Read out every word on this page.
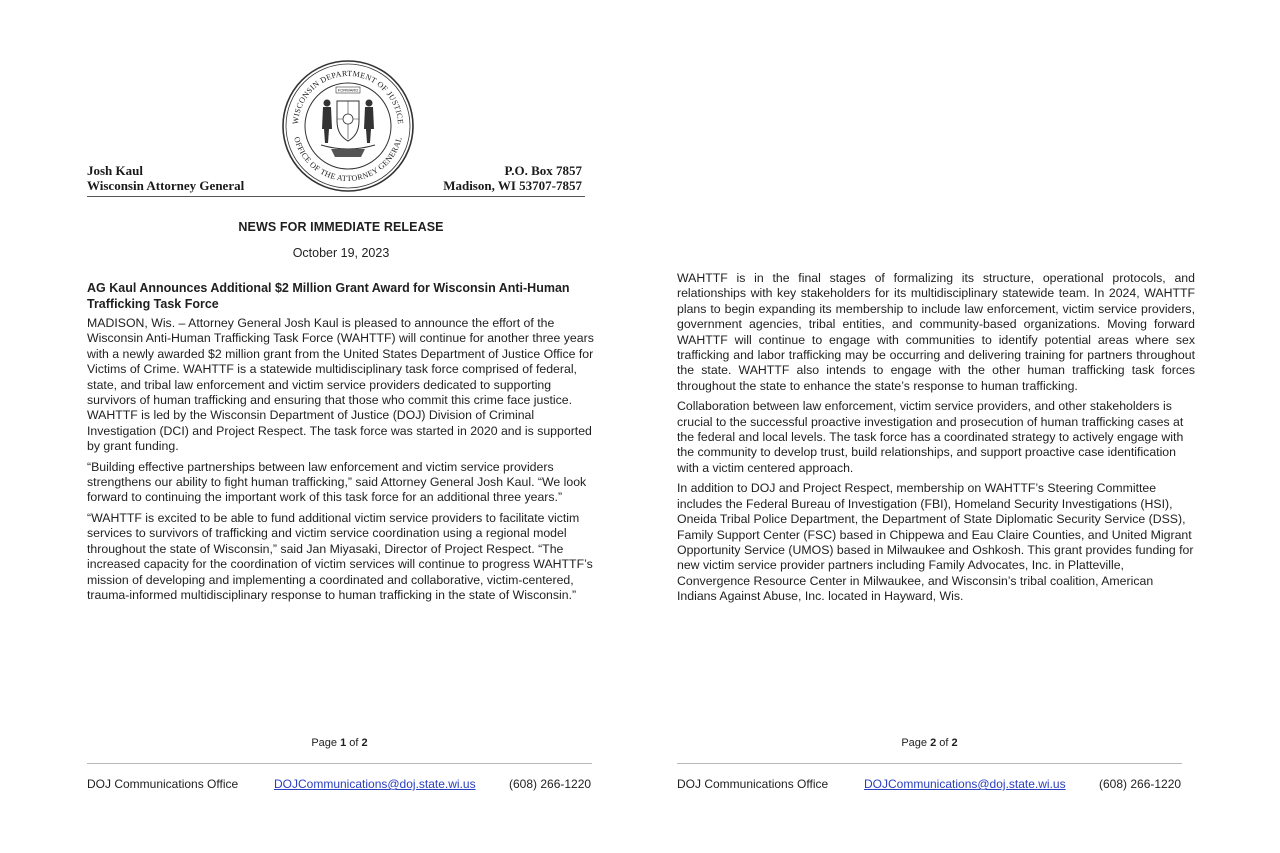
WISCONSIN DEPARTMENT OF JUSTICE
OFFICE OF THE ATTORNEY GENERAL
FORWARD
Josh Kaul
Wisconsin Attorney General
P.O. Box 7857
Madison, WI 53707-7857
NEWS FOR IMMEDIATE RELEASE
October 19, 2023
AG Kaul Announces Additional $2 Million Grant Award for Wisconsin Anti-Human Trafficking Task Force

MADISON, Wis. – Attorney General Josh Kaul is pleased to announce the effort of the Wisconsin Anti-Human Trafficking Task Force (WAHTTF) will continue for another three years with a newly awarded $2 million grant from the United States Department of Justice Office for Victims of Crime. WAHTTF is a statewide multidisciplinary task force comprised of federal, state, and tribal law enforcement and victim service providers dedicated to supporting survivors of human trafficking and ensuring that those who commit this crime face justice. WAHTTF is led by the Wisconsin Department of Justice (DOJ) Division of Criminal Investigation (DCI) and Project Respect. The task force was started in 2020 and is supported by grant funding.

“Building effective partnerships between law enforcement and victim service providers strengthens our ability to fight human trafficking,” said Attorney General Josh Kaul. “We look forward to continuing the important work of this task force for an additional three years.”

“WAHTTF is excited to be able to fund additional victim service providers to facilitate victim services to survivors of trafficking and victim service coordination using a regional model throughout the state of Wisconsin,” said Jan Miyasaki, Director of Project Respect. “The increased capacity for the coordination of victim services will continue to progress WAHTTF’s mission of developing and implementing a coordinated and collaborative, victim-centered, trauma-informed multidisciplinary response to human trafficking in the state of Wisconsin.”

Page 1 of 2
DOJ Communications Office	DOJCommunications@doj.state.wi.us	(608) 266-1220

WAHTTF is in the final stages of formalizing its structure, operational protocols, and relationships with key stakeholders for its multidisciplinary statewide team. In 2024, WAHTTF plans to begin expanding its membership to include law enforcement, victim service providers, government agencies, tribal entities, and community-based organizations. Moving forward WAHTTF will continue to engage with communities to identify potential areas where sex trafficking and labor trafficking may be occurring and delivering training for partners throughout the state. WAHTTF also intends to engage with the other human trafficking task forces throughout the state to enhance the state’s response to human trafficking.

Collaboration between law enforcement, victim service providers, and other stakeholders is crucial to the successful proactive investigation and prosecution of human trafficking cases at the federal and local levels. The task force has a coordinated strategy to actively engage with the community to develop trust, build relationships, and support proactive case identification with a victim centered approach.

In addition to DOJ and Project Respect, membership on WAHTTF’s Steering Committee includes the Federal Bureau of Investigation (FBI), Homeland Security Investigations (HSI), Oneida Tribal Police Department, the Department of State Diplomatic Security Service (DSS), Family Support Center (FSC) based in Chippewa and Eau Claire Counties, and United Migrant Opportunity Service (UMOS) based in Milwaukee and Oshkosh. This grant provides funding for new victim service provider partners including Family Advocates, Inc. in Platteville, Convergence Resource Center in Milwaukee, and Wisconsin’s tribal coalition, American Indians Against Abuse, Inc. located in Hayward, Wis.

Page 2 of 2
DOJ Communications Office	DOJCommunications@doj.state.wi.us	(608) 266-1220
